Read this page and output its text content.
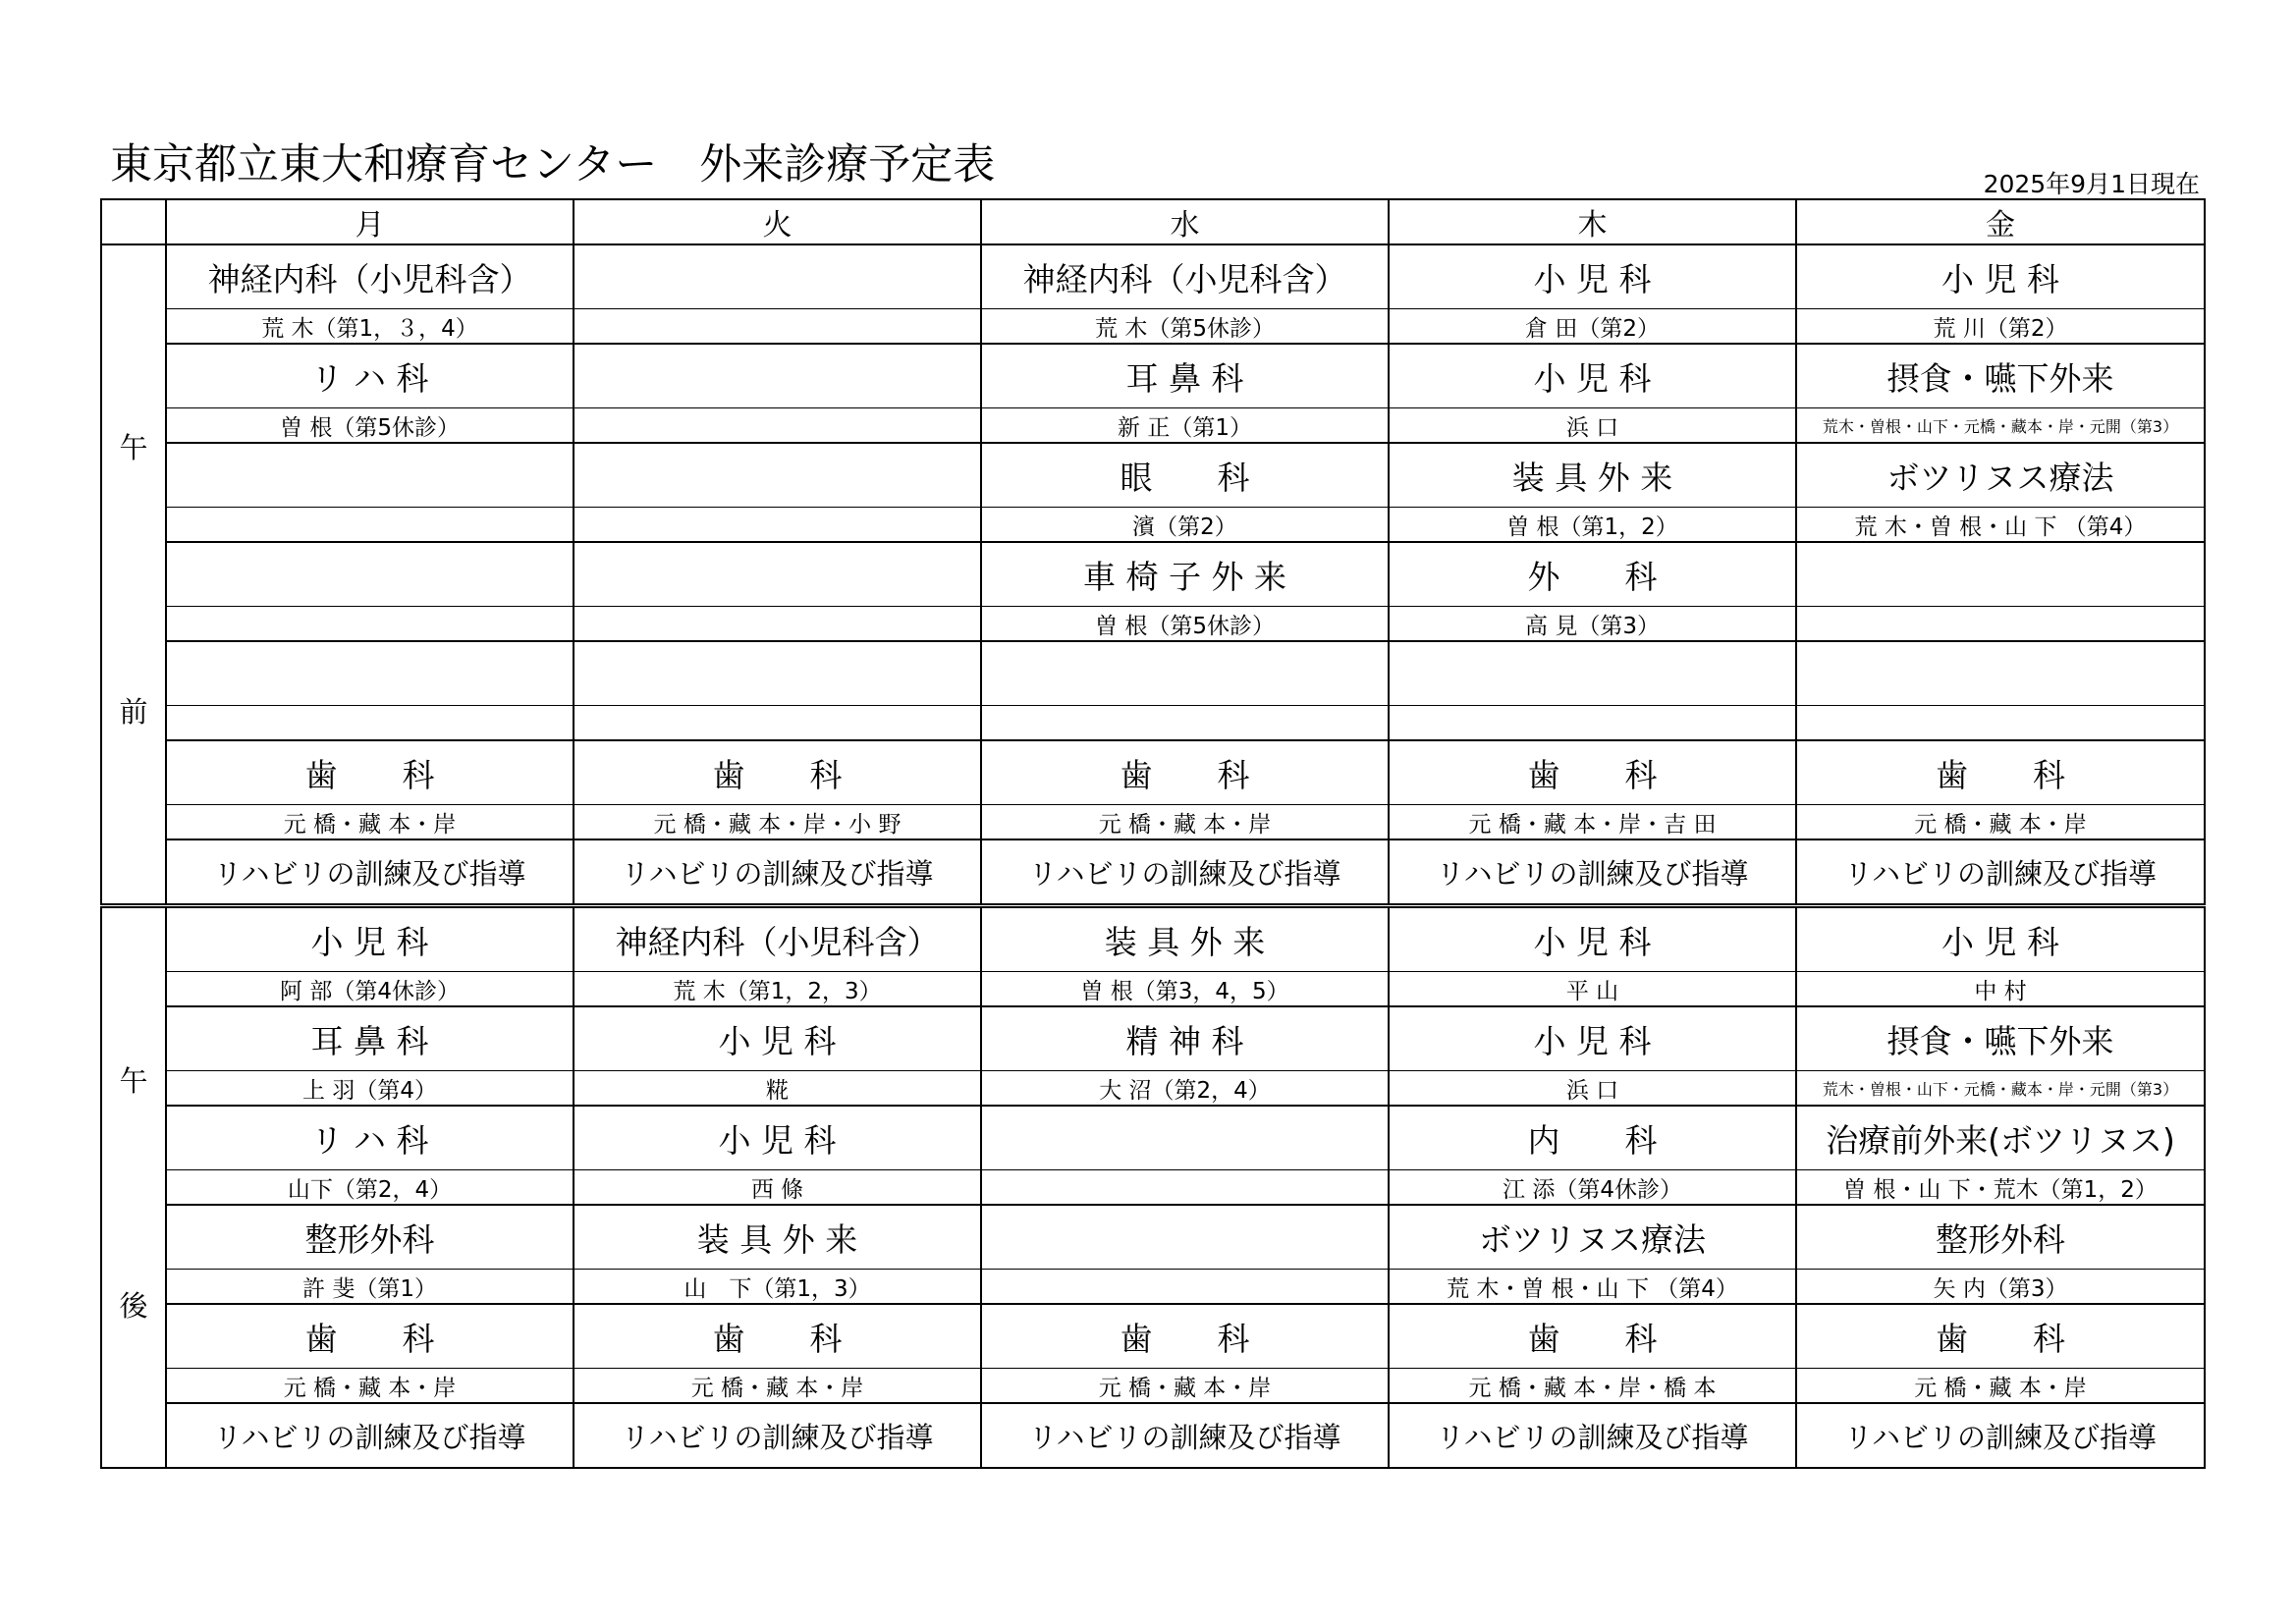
東京都立東大和療育センター　外来診療予定表	2025年9月1日現在
	月	火	水	木	金

午
前	神経内科（小児科含）		神経内科（小児科含）	小 児 科	小 児 科
	荒 木（第1，３，4）		荒 木（第5休診）	倉 田（第2）	荒 川（第2）
	リ ハ 科		耳 鼻 科	小 児 科	摂食・嚥下外来
	曽 根（第5休診）		新 正（第1）	浜 口	荒木・曽根・山下・元橋・藏本・岸・元開（第3）
			眼　　科	装 具 外 来	ボツリヌス療法
			濱（第2）	曽 根（第1，2）	荒 木・曽 根・山 下 （第4）
			車 椅 子 外 来	外　　科	
			曽 根（第5休診）	高 見（第3）	

	歯　　科	歯　　科	歯　　科	歯　　科	歯　　科
	元 橋・藏 本・岸	元 橋・藏 本・岸・小 野	元 橋・藏 本・岸	元 橋・藏 本・岸・吉 田	元 橋・藏 本・岸
	リハビリの訓練及び指導	リハビリの訓練及び指導	リハビリの訓練及び指導	リハビリの訓練及び指導	リハビリの訓練及び指導

午
後	小 児 科	神経内科（小児科含）	装 具 外 来	小 児 科	小 児 科
	阿 部（第4休診）	荒 木（第1，2，3）	曽 根（第3，4，5）	平 山	中 村
	耳 鼻 科	小 児 科	精 神 科	小 児 科	摂食・嚥下外来
	上 羽（第4）	糀	大 沼（第2，4）	浜 口	荒木・曽根・山下・元橋・藏本・岸・元開（第3）
	リ ハ 科	小 児 科		内　　科	治療前外来(ボツリヌス)
	山下（第2，4）	西 條		江 添（第4休診）	曽 根・山 下・荒木（第1，2）
	整形外科	装 具 外 来		ボツリヌス療法	整形外科
	許 斐（第1）	山　下（第1，3）		荒 木・曽 根・山 下 （第4）	矢 内（第3）
	歯　　科	歯　　科	歯　　科	歯　　科	歯　　科
	元 橋・藏 本・岸	元 橋・藏 本・岸	元 橋・藏 本・岸	元 橋・藏 本・岸・橋 本	元 橋・藏 本・岸
	リハビリの訓練及び指導	リハビリの訓練及び指導	リハビリの訓練及び指導	リハビリの訓練及び指導	リハビリの訓練及び指導
